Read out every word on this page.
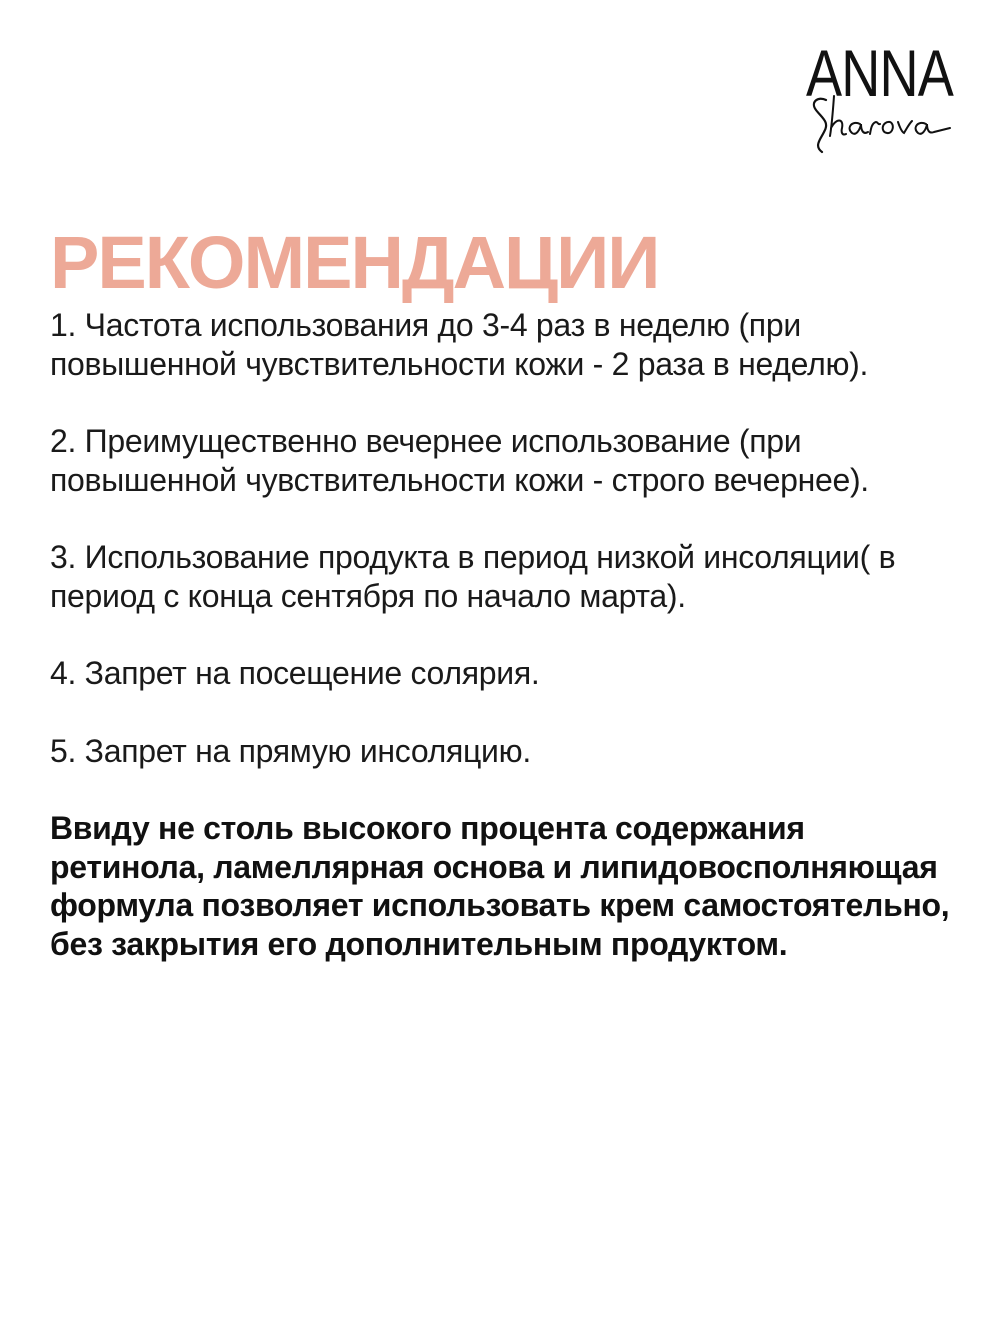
ANNA
РЕКОМЕНДАЦИИ

1. Частота использования до 3-4 раз в неделю (при повышенной чувствительности кожи - 2 раза в неделю).

2. Преимущественно вечернее использование (при повышенной чувствительности кожи - строго вечернее).

3. Использование продукта в период низкой инсоляции( в период с конца сентября по начало марта).

4. Запрет на посещение солярия.

5. Запрет на прямую инсоляцию.

Ввиду не столь высокого процента содержания ретинола, ламеллярная основа и липидовосполняющая формула позволяет использовать крем самостоятельно, без закрытия его дополнительным продуктом.
